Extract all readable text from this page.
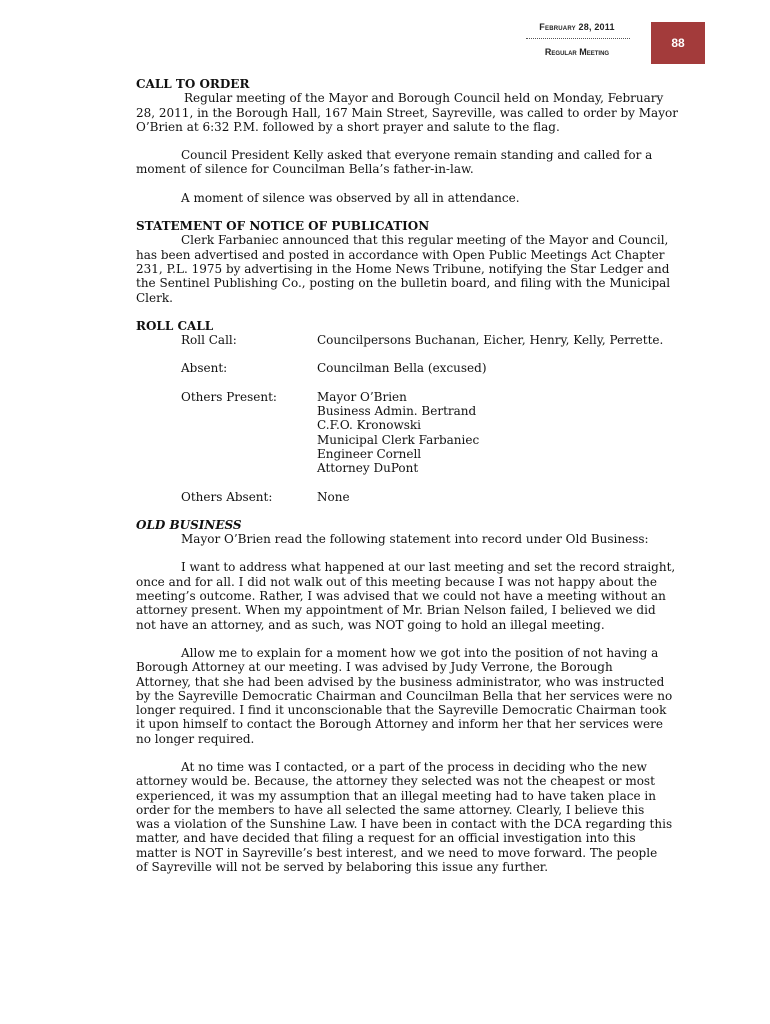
February 28, 2011
Regular Meeting
88
CALL TO ORDER

Regular meeting of the Mayor and Borough Council held on Monday, February
28, 2011, in the Borough Hall, 167 Main Street, Sayreville, was called to order by Mayor
O’Brien at 6:32 P.M. followed by a short prayer and salute to the flag.

Council President Kelly asked that everyone remain standing and called for a
moment of silence for Councilman Bella’s father-in-law.

A moment of silence was observed by all in attendance.

STATEMENT OF NOTICE OF PUBLICATION

Clerk Farbaniec announced that this regular meeting of the Mayor and Council,
has been advertised and posted in accordance with Open Public Meetings Act Chapter
231, P.L. 1975 by advertising in the Home News Tribune, notifying the Star Ledger and
the Sentinel Publishing Co., posting on the bulletin board, and filing with the Municipal
Clerk.

ROLL CALL
Roll Call:	Councilpersons Buchanan, Eicher, Henry, Kelly, Perrette.
Absent:	Councilman Bella (excused)
Others Present:	Mayor O’Brien
Business Admin. Bertrand
C.F.O. Kronowski
Municipal Clerk Farbaniec
Engineer Cornell
Attorney DuPont
Others Absent:	None
OLD BUSINESS

Mayor O’Brien read the following statement into record under Old Business:

I want to address what happened at our last meeting and set the record straight,
once and for all. I did not walk out of this meeting because I was not happy about the
meeting’s outcome. Rather, I was advised that we could not have a meeting without an
attorney present. When my appointment of Mr. Brian Nelson failed, I believed we did
not have an attorney, and as such, was NOT going to hold an illegal meeting.

Allow me to explain for a moment how we got into the position of not having a
Borough Attorney at our meeting. I was advised by Judy Verrone, the Borough
Attorney, that she had been advised by the business administrator, who was instructed
by the Sayreville Democratic Chairman and Councilman Bella that her services were no
longer required. I find it unconscionable that the Sayreville Democratic Chairman took
it upon himself to contact the Borough Attorney and inform her that her services were
no longer required.

At no time was I contacted, or a part of the process in deciding who the new
attorney would be. Because, the attorney they selected was not the cheapest or most
experienced, it was my assumption that an illegal meeting had to have taken place in
order for the members to have all selected the same attorney. Clearly, I believe this
was a violation of the Sunshine Law. I have been in contact with the DCA regarding this
matter, and have decided that filing a request for an official investigation into this
matter is NOT in Sayreville’s best interest, and we need to move forward. The people
of Sayreville will not be served by belaboring this issue any further.
